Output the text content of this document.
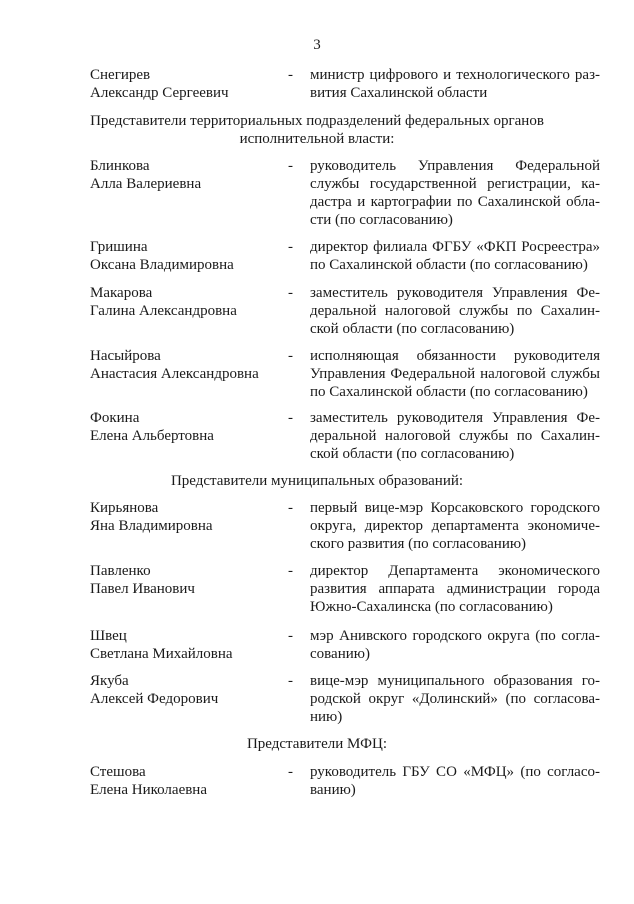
3
Снегирев
Александр Сергеевич
- министр цифрового и технологического раз-
вития Сахалинской области
Представители территориальных подразделений федеральных органов
исполнительной власти:
Блинкова
Алла Валериевна
- руководитель Управления Федеральной
службы государственной регистрации, ка-
дастра и картографии по Сахалинской обла-
сти (по согласованию)
Гришина
Оксана Владимировна
- директор филиала ФГБУ «ФКП Росреестра»
по Сахалинской области (по согласованию)
Макарова
Галина Александровна
- заместитель руководителя Управления Фе-
деральной налоговой службы по Сахалин-
ской области (по согласованию)
Насыйрова
Анастасия Александровна
- исполняющая обязанности руководителя
Управления Федеральной налоговой службы
по Сахалинской области (по согласованию)
Фокина
Елена Альбертовна
- заместитель руководителя Управления Фе-
деральной налоговой службы по Сахалин-
ской области (по согласованию)
Представители муниципальных образований:
Кирьянова
Яна Владимировна
- первый вице-мэр Корсаковского городского
округа, директор департамента экономиче-
ского развития (по согласованию)
Павленко
Павел Иванович
- директор Департамента экономического
развития аппарата администрации города
Южно-Сахалинска (по согласованию)
Швец
Светлана Михайловна
- мэр Анивского городского округа (по согла-
сованию)
Якуба
Алексей Федорович
- вице-мэр муниципального образования го-
родской округ «Долинский» (по согласова-
нию)
Представители МФЦ:
Стешова
Елена Николаевна
- руководитель ГБУ СО «МФЦ» (по согласо-
ванию)
